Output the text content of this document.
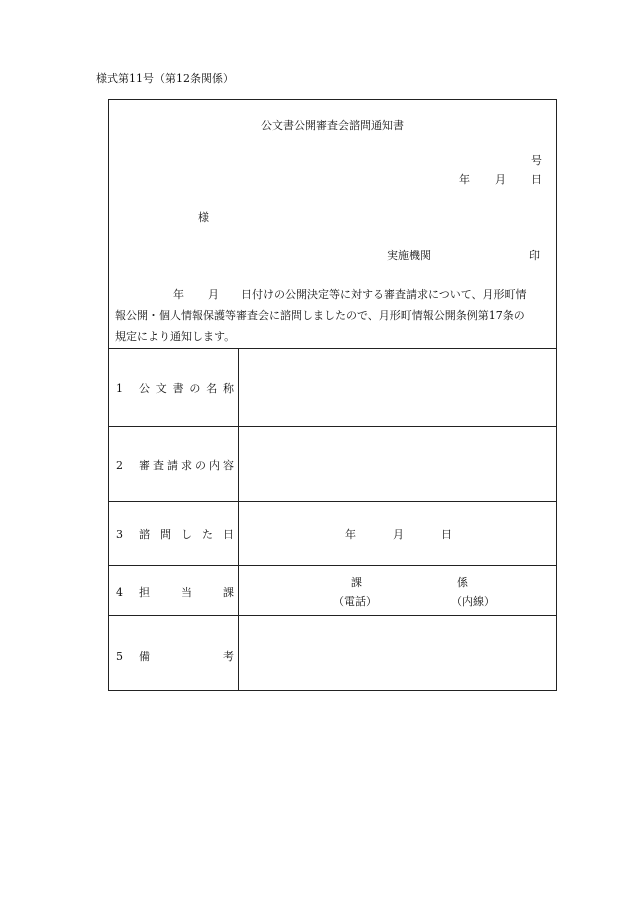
様式第11号（第12条関係）
公文書公開審査会諮問通知書
号
年 月 日
様
実施機関	印
年 月 日付けの公開決定等に対する審査請求について、月形町情
報公開・個人情報保護等審査会に諮問しましたので、月形町情報公開条例第17条の
規定により通知します。
1	公 文 書 の 名 称
2	審 査 請 求 の 内 容
3	諮 問 し た 日	年	月	日
4	担	当	課
課	係
（電話）	（内線）
5	備	考
